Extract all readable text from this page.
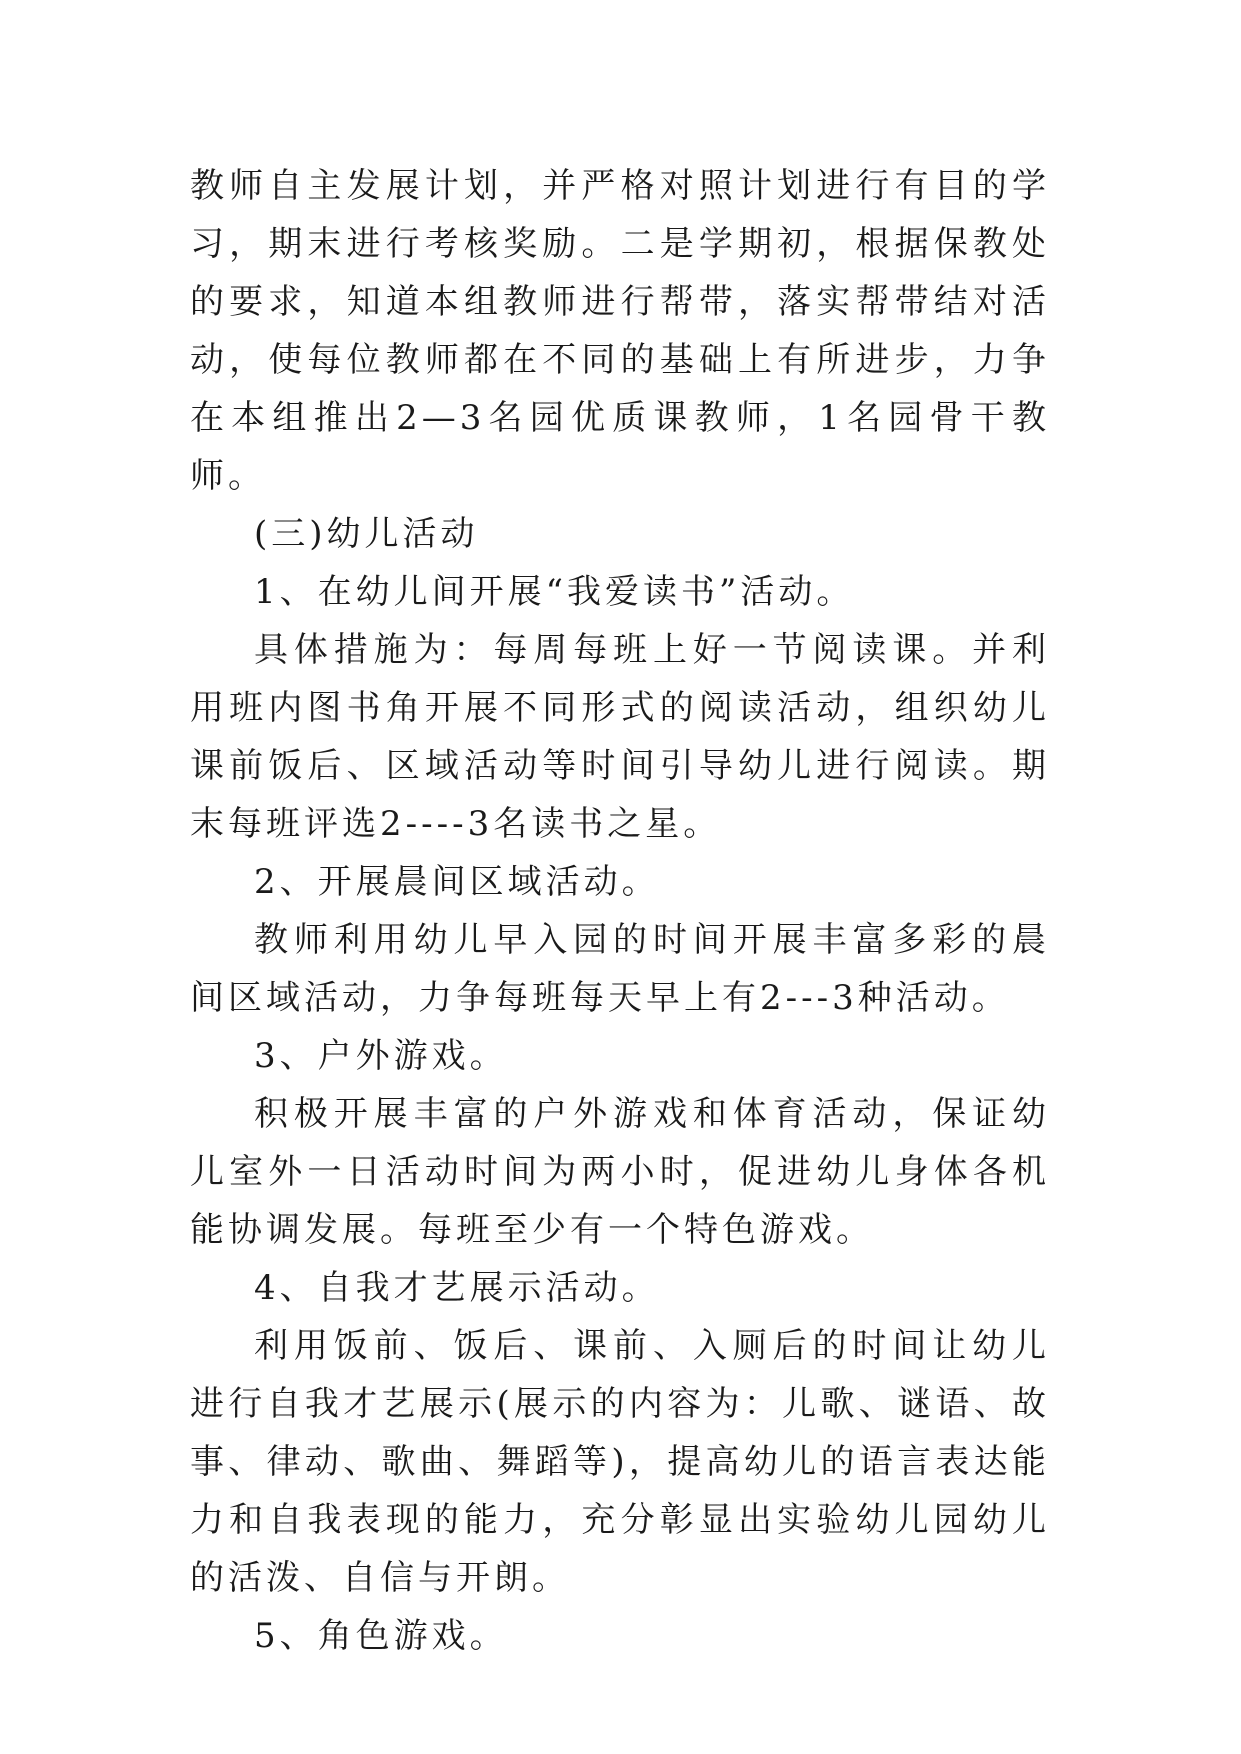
教师自主发展计划，并严格对照计划进行有目的学习，期末进行考核奖励。二是学期初，根据保教处的要求，知道本组教师进行帮带，落实帮带结对活动，使每位教师都在不同的基础上有所进步，力争在本组推出2—3名园优质课教师，1名园骨干教师。

(三)幼儿活动

1、在幼儿间开展“我爱读书”活动。

具体措施为：每周每班上好一节阅读课。并利用班内图书角开展不同形式的阅读活动，组织幼儿课前饭后、区域活动等时间引导幼儿进行阅读。期末每班评选2----3名读书之星。

2、开展晨间区域活动。

教师利用幼儿早入园的时间开展丰富多彩的晨间区域活动，力争每班每天早上有2---3种活动。

3、户外游戏。

积极开展丰富的户外游戏和体育活动，保证幼儿室外一日活动时间为两小时，促进幼儿身体各机能协调发展。每班至少有一个特色游戏。

4、自我才艺展示活动。

利用饭前、饭后、课前、入厕后的时间让幼儿进行自我才艺展示(展示的内容为：儿歌、谜语、故事、律动、歌曲、舞蹈等)，提高幼儿的语言表达能力和自我表现的能力，充分彰显出实验幼儿园幼儿的活泼、自信与开朗。

5、角色游戏。
